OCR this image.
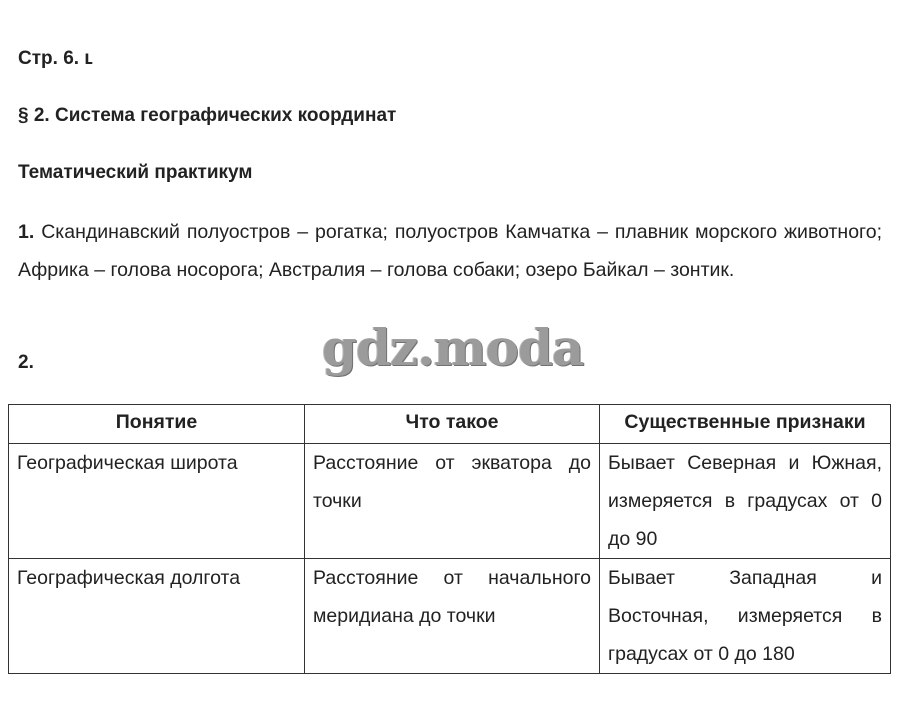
Стр. 6. ʟ
§ 2. Система географических координат
Тематический практикум
1. Скандинавский полуостров – рогатка; полуостров Камчатка – плавник морского животного; Африка – голова носорога; Австралия – голова собаки; озеро Байкал – зонтик.
2.	gdz.moda
Понятие	Что такое	Существенные признаки
Географическая широта	Расстояние от экватора до точки	Бывает Северная и Южная, измеряется в градусах от 0 до 90
Географическая долгота	Расстояние от начального меридиана до точки	Бывает Западная и Восточная, измеряется в градусах от 0 до 180
